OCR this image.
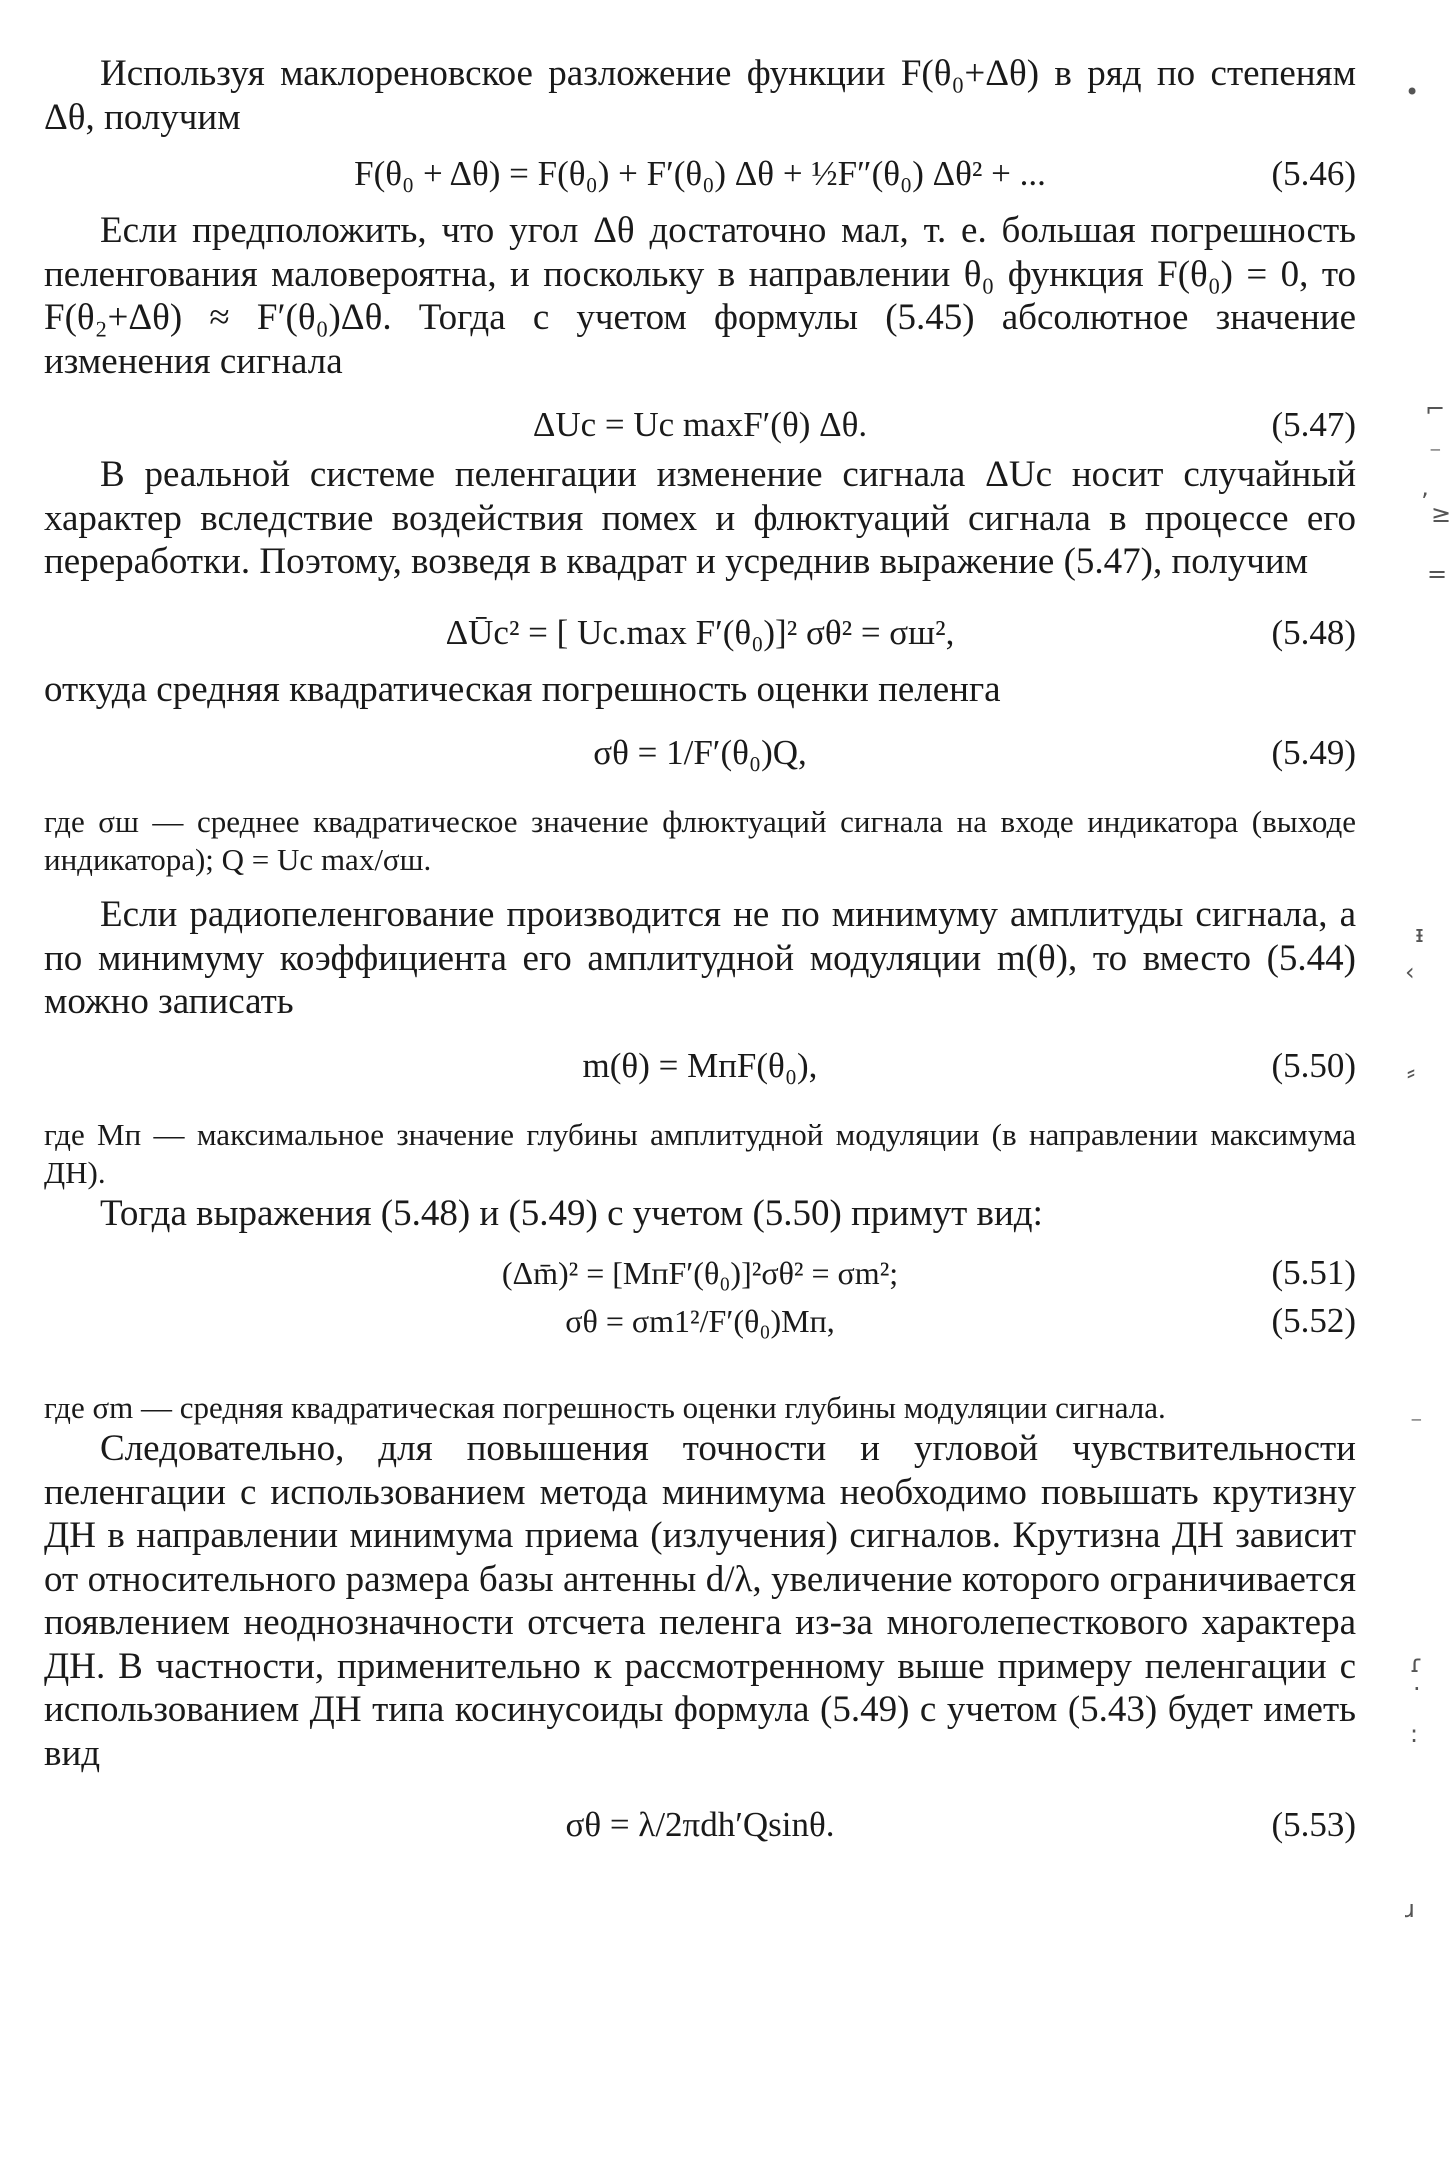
Используя маклореновское разложение функции F(θ₀+Δθ) в ряд по степеням Δθ, получим

F(θ₀ + Δθ) = F(θ₀) + F′(θ₀) Δθ + ½F″(θ₀) Δθ² + ...	(5.46)

Если предположить, что угол Δθ достаточно мал, т. е. большая погрешность пеленгования маловероятна, и поскольку в направлении θ₀ функция F(θ₀) = 0, то F(θ₂+Δθ) ≈ F′(θ₀)Δθ. Тогда с учетом формулы (5.45) абсолютное значение изменения сигнала

ΔUс = Uс maxF′(θ) Δθ.	(5.47)

В реальной системе пеленгации изменение сигнала ΔUс носит случайный характер вследствие воздействия помех и флюктуаций сигнала в процессе его переработки. Поэтому, возведя в квадрат и усреднив выражение (5.47), получим

ΔŪс² = [ Uс.max F′(θ₀)]² σθ² = σш²,	(5.48)

откуда средняя квадратическая погрешность оценки пеленга

σθ = 1/F′(θ₀)Q,	(5.49)

где σш — среднее квадратическое значение флюктуаций сигнала на входе индикатора (выходе индикатора); Q = Uс max/σш.

Если радиопеленгование производится не по минимуму амплитуды сигнала, а по минимуму коэффициента его амплитудной модуляции m(θ), то вместо (5.44) можно записать

m(θ) = MпF(θ₀),	(5.50)

где Mп — максимальное значение глубины амплитудной модуляции (в направлении максимума ДН).

Тогда выражения (5.48) и (5.49) с учетом (5.50) примут вид:

(Δm̄)² = [MпF′(θ₀)]²σθ² = σm²;	(5.51)
σθ = σm1²/F′(θ₀)Mп,	(5.52)

где σm — средняя квадратическая погрешность оценки глубины модуляции сигнала.

Следовательно, для повышения точности и угловой чувствительности пеленгации с использованием метода минимума необходимо повышать крутизну ДН в направлении минимума приема (излучения) сигналов. Крутизна ДН зависит от относительного размера базы антенны d/λ, увеличение которого ограничивается появлением неоднозначности отсчета пеленга из-за многолепесткового характера ДН. В частности, применительно к рассмотренному выше примеру пеленгации с использованием ДН типа косинусоиды формула (5.49) с учетом (5.43) будет иметь вид

σθ = λ/2πdh′Qsinθ.	(5.53)
•
⌐
⁻
ʼ ≥
=
ᵻ
‹
⸗
⁻
ɾ
·
:
ɹ
